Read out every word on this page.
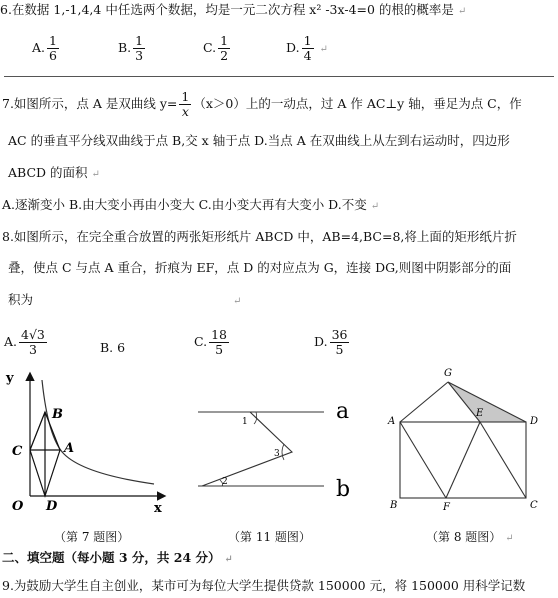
6.在数据 1,-1,4,4 中任选两个数据，均是一元二次方程 x² -3x-4=0 的根的概率是 ↵
A. $\frac{1}{6}$	B. $\frac{1}{3}$	C. $\frac{1}{2}$	D. $\frac{1}{4}$ ↵
7.如图所示，点 A 是双曲线 $y= \frac{1}{x} (x>0)$上的一动点，过 A 作 AC⊥y 轴，垂足为点 C，作
AC 的垂直平分线双曲线于点 B,交 x 轴于点 D.当点 A 在双曲线上从左到右运动时，四边形
ABCD 的面积 ↵
A.逐渐变小 B.由大变小再由小变大 C.由小变大再有大变小 D.不变 ↵
8.如图所示，在完全重合放置的两张矩形纸片 ABCD 中，AB=4,BC=8,将上面的矩形纸片折
叠，使点 C 与点 A 重合，折痕为 EF，点 D 的对应点为 G，连接 DG,则图中阴影部分的面
积为	↵
A. $\frac{4√3}{3}$	B. 6	C. $\frac{18}{5}$	D. $\frac{36}{5}$
y
x
O D
C	A
B	1
3
2
a
b
G
A
E
D
B	F	C
（第 7 题图）	（第 11 题图）	（第 8 题图） ↵
二、填空题（每小题 3 分，共 24 分） ↵
9.为鼓励大学生自主创业，某市可为每位大学生提供贷款 150000 元，将 150000 用科学记数
